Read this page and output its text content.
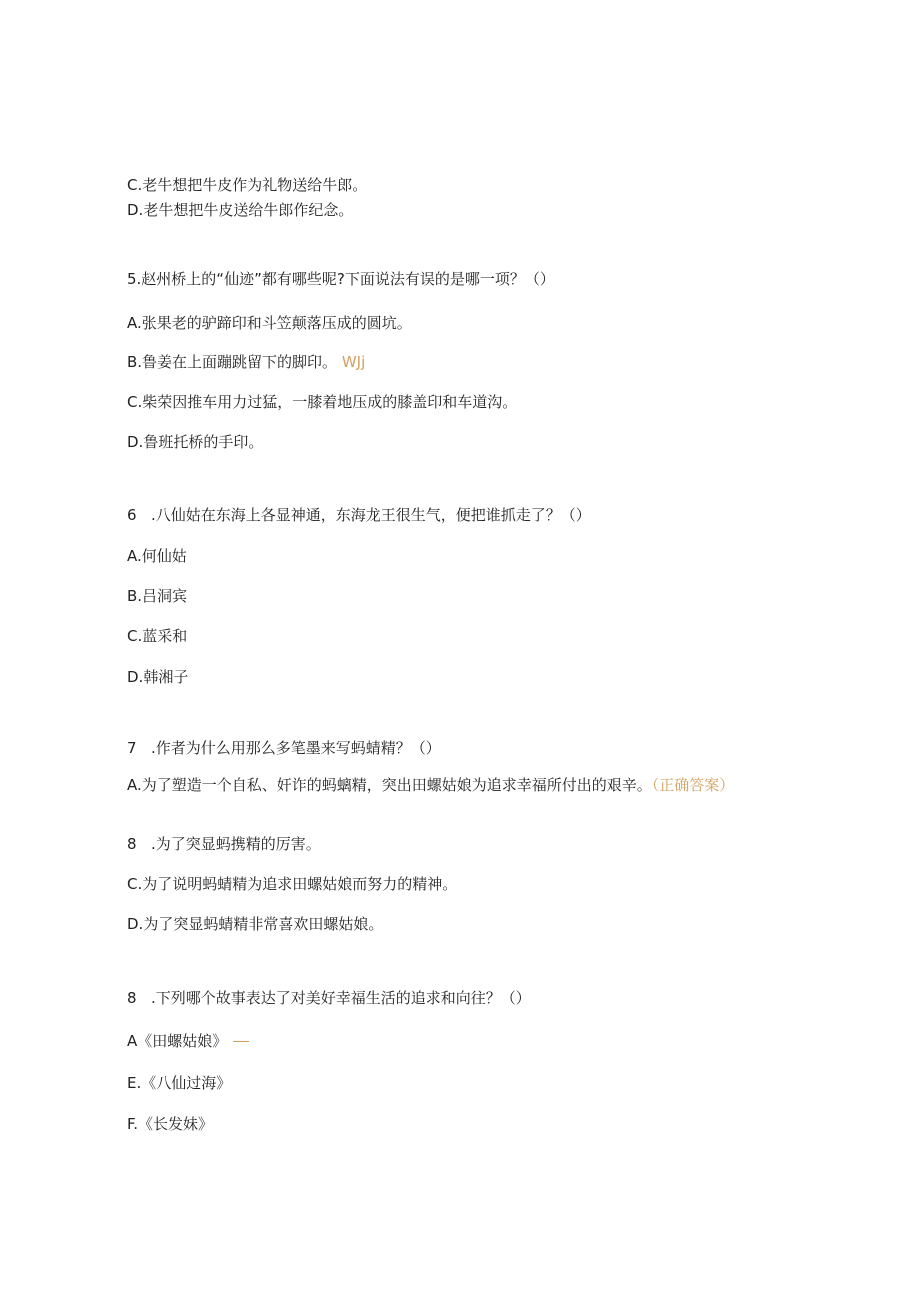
C.老牛想把牛皮作为礼物送给牛郎。
D.老牛想把牛皮送给牛郎作纪念。
5.赵州桥上的“仙迹”都有哪些呢?下面说法有误的是哪一项？（）
A.张果老的驴蹄印和斗笠颠落压成的圆坑。
B.鲁姜在上面蹦跳留下的脚印。 WJj
C.柴荣因推车用力过猛，一膝着地压成的膝盖印和车道沟。
D.鲁班托桥的手印。
6 .八仙姑在东海上各显神通，东海龙王很生气，便把谁抓走了？（）
A.何仙姑
B.吕洞宾
C.蓝采和
D.韩湘子
7 .作者为什么用那么多笔墨来写蚂蜻精？（）
A.为了塑造一个自私、奸诈的蚂螭精，突出田螺姑娘为追求幸福所付出的艰辛。（正确答案）
8 .为了突显蚂携精的厉害。
C.为了说明蚂蜻精为追求田螺姑娘而努力的精神。
D.为了突显蚂蜻精非常喜欢田螺姑娘。
8 .下列哪个故事表达了对美好幸福生活的追求和向往？（）
A《田螺姑娘》
E.《八仙过海》
F.《长发妹》
